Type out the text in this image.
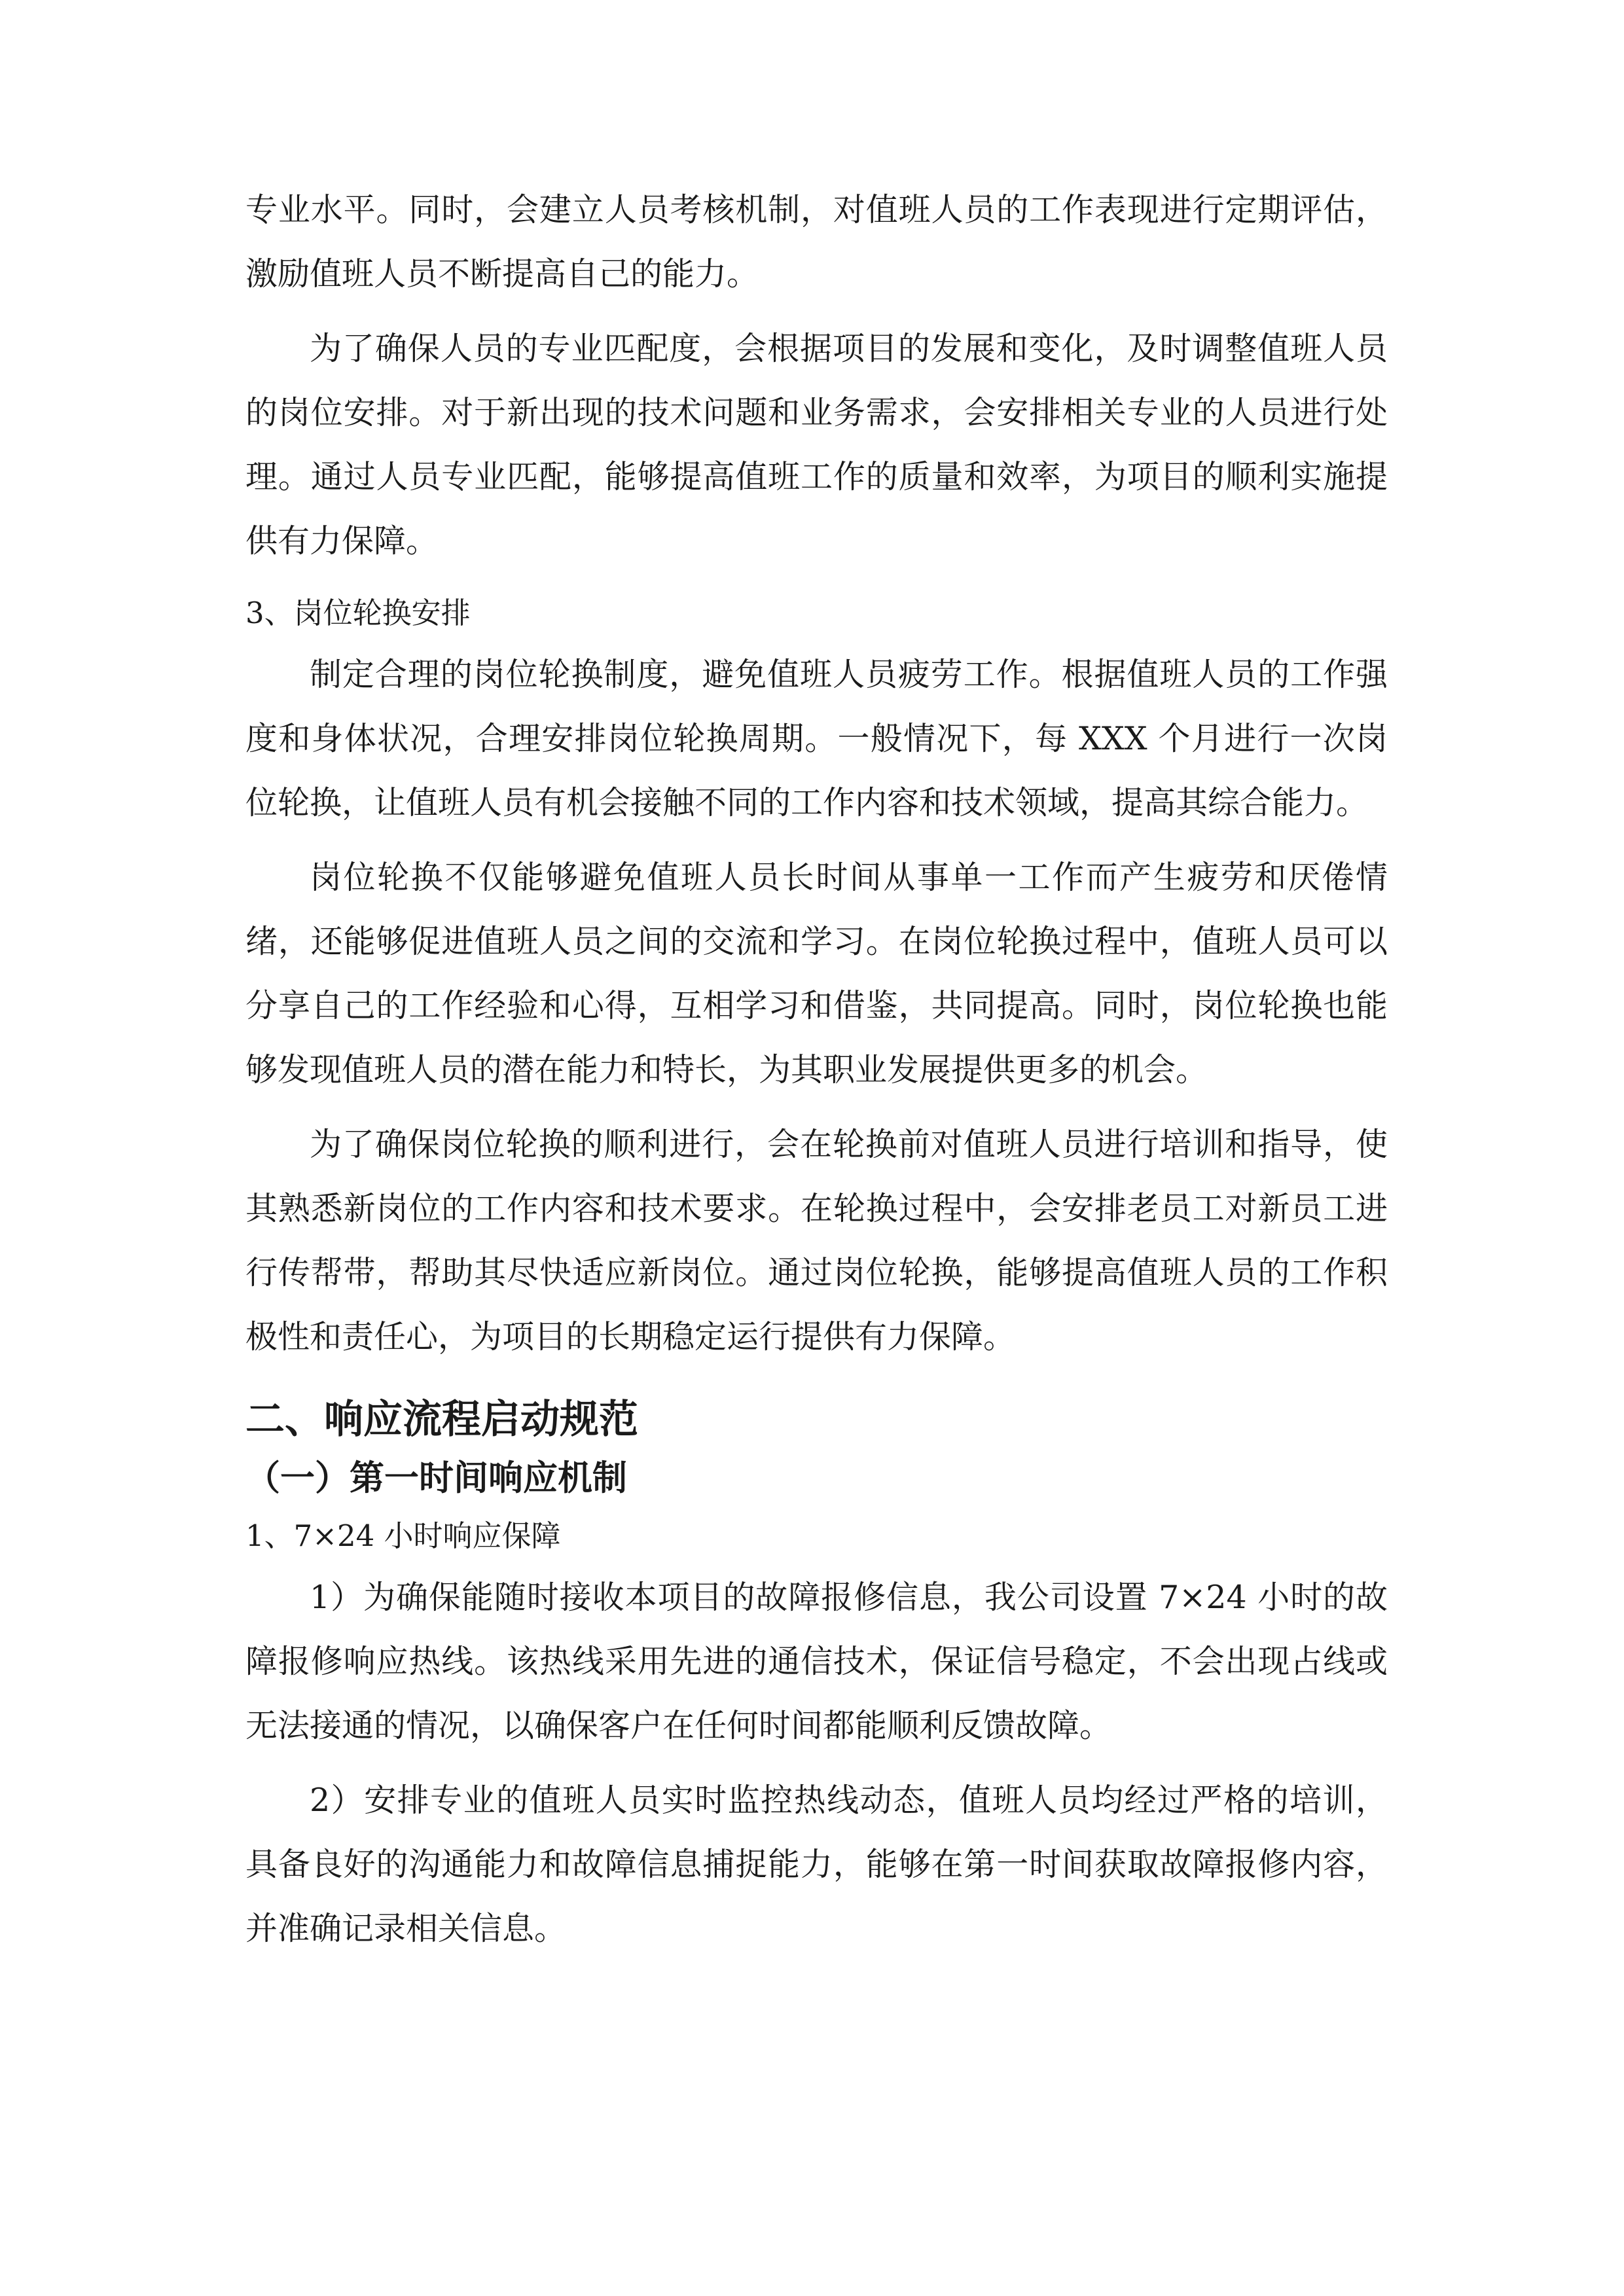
专业水平。同时，会建立人员考核机制，对值班人员的工作表现进行定期评估，激励值班人员不断提高自己的能力。

为了确保人员的专业匹配度，会根据项目的发展和变化，及时调整值班人员的岗位安排。对于新出现的技术问题和业务需求，会安排相关专业的人员进行处理。通过人员专业匹配，能够提高值班工作的质量和效率，为项目的顺利实施提供有力保障。

3、岗位轮换安排

制定合理的岗位轮换制度，避免值班人员疲劳工作。根据值班人员的工作强度和身体状况，合理安排岗位轮换周期。一般情况下，每 XXX 个月进行一次岗位轮换，让值班人员有机会接触不同的工作内容和技术领域，提高其综合能力。

岗位轮换不仅能够避免值班人员长时间从事单一工作而产生疲劳和厌倦情绪，还能够促进值班人员之间的交流和学习。在岗位轮换过程中，值班人员可以分享自己的工作经验和心得，互相学习和借鉴，共同提高。同时，岗位轮换也能够发现值班人员的潜在能力和特长，为其职业发展提供更多的机会。

为了确保岗位轮换的顺利进行，会在轮换前对值班人员进行培训和指导，使其熟悉新岗位的工作内容和技术要求。在轮换过程中，会安排老员工对新员工进行传帮带，帮助其尽快适应新岗位。通过岗位轮换，能够提高值班人员的工作积极性和责任心，为项目的长期稳定运行提供有力保障。

二、响应流程启动规范
（一）第一时间响应机制

1、7×24 小时响应保障

1）为确保能随时接收本项目的故障报修信息，我公司设置 7×24 小时的故障报修响应热线。该热线采用先进的通信技术，保证信号稳定，不会出现占线或无法接通的情况，以确保客户在任何时间都能顺利反馈故障。

2）安排专业的值班人员实时监控热线动态，值班人员均经过严格的培训，具备良好的沟通能力和故障信息捕捉能力，能够在第一时间获取故障报修内容，并准确记录相关信息。
